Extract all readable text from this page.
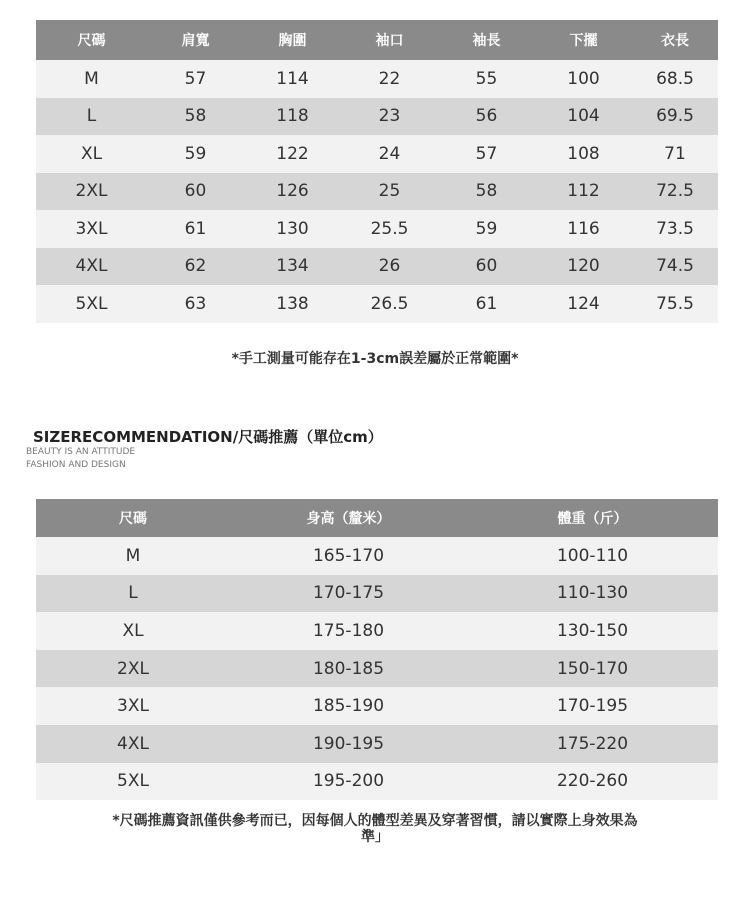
尺碼	肩寬	胸圍	袖口	袖長	下擺	衣長
M	57	114	22	55	100	68.5
L	58	118	23	56	104	69.5
XL	59	122	24	57	108	71
2XL	60	126	25	58	112	72.5
3XL	61	130	25.5	59	116	73.5
4XL	62	134	26	60	120	74.5
5XL	63	138	26.5	61	124	75.5
*手工測量可能存在1-3cm誤差屬於正常範圍*
SIZERECOMMENDATION/尺碼推薦（單位cm）
BEAUTY IS AN ATTITUDE
FASHION AND DESIGN
尺碼	身高（釐米）	體重（斤）
M	165-170	100-110
L	170-175	110-130
XL	175-180	130-150
2XL	180-185	150-170
3XL	185-190	170-195
4XL	190-195	175-220
5XL	195-200	220-260
*尺碼推薦資訊僅供參考而已，因每個人的體型差異及穿著習慣，請以實際上身效果為
準」
